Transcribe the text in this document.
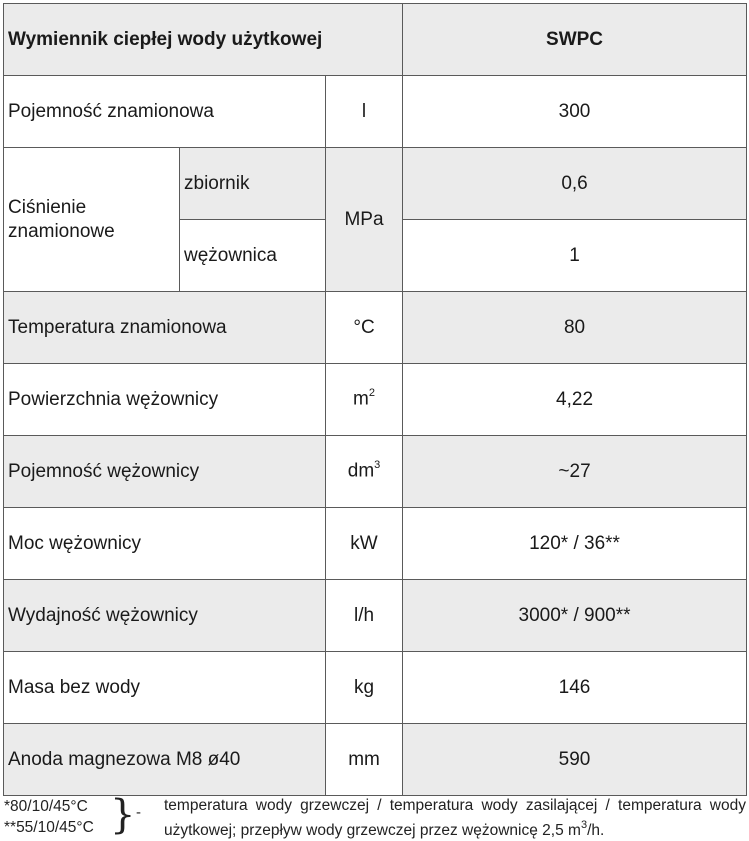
Wymiennik ciepłej wody użytkowej			SWPC
Pojemność znamionowa		l	300
Ciśnienie znamionowe	zbiornik	MPa	0,6
	wężownica		1
Temperatura znamionowa		°C	80
Powierzchnia wężownicy		$m^2$	4,22
Pojemność wężownicy		$dm^3$	~27
Moc wężownicy		kW	120* / 36**
Wydajność wężownicy		l/h	3000* / 900**
Masa bez wody		kg	146
Anoda magnezowa M8 ø40		mm	590
*80/10/45°C
**55/10/45°C } - temperatura wody grzewczej / temperatura wody zasilającej / temperatura wody użytkowej; przepływ wody grzewczej przez wężownicę 2,5 $m^3/h$.
